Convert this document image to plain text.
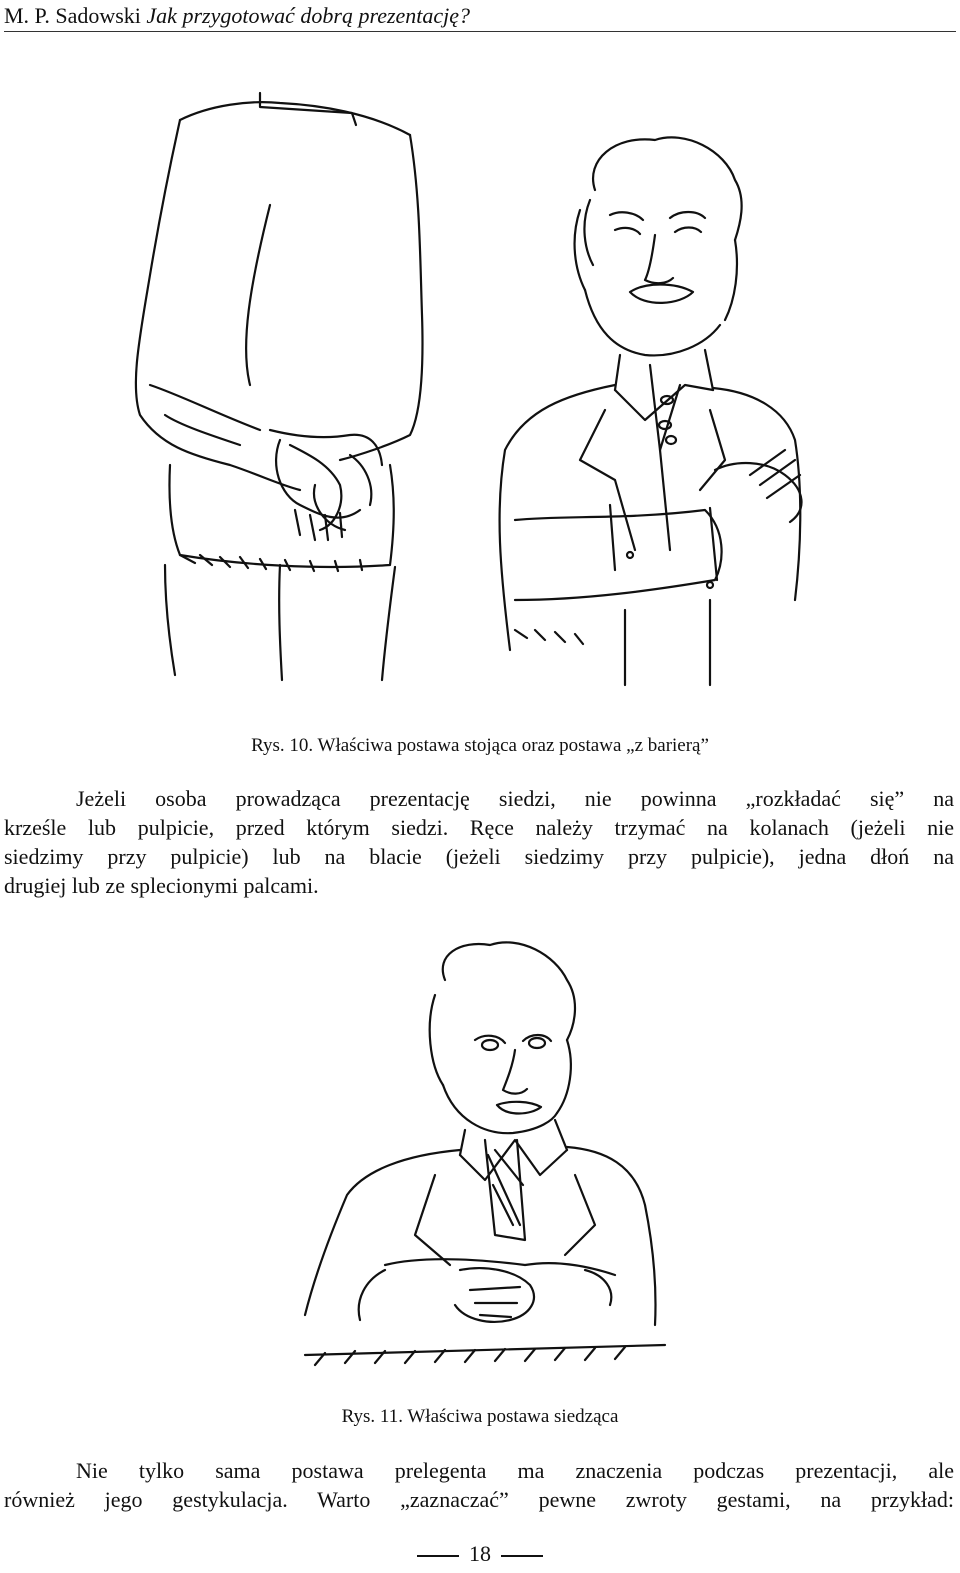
M. P. Sadowski Jak przygotować dobrą prezentację?
Rys. 10. Właściwa postawa stojąca oraz postawa „z barierą”
Jeżeli osoba prowadząca prezentację siedzi, nie powinna „rozkładać się” na
krześle lub pulpicie, przed którym siedzi. Ręce należy trzymać na kolanach (jeżeli nie
siedzimy przy pulpicie) lub na blacie (jeżeli siedzimy przy pulpicie), jedna dłoń na
drugiej lub ze splecionymi palcami.
Rys. 11. Właściwa postawa siedząca
Nie tylko sama postawa prelegenta ma znaczenia podczas prezentacji, ale
również jego gestykulacja. Warto „zaznaczać” pewne zwroty gestami, na przykład:
18
